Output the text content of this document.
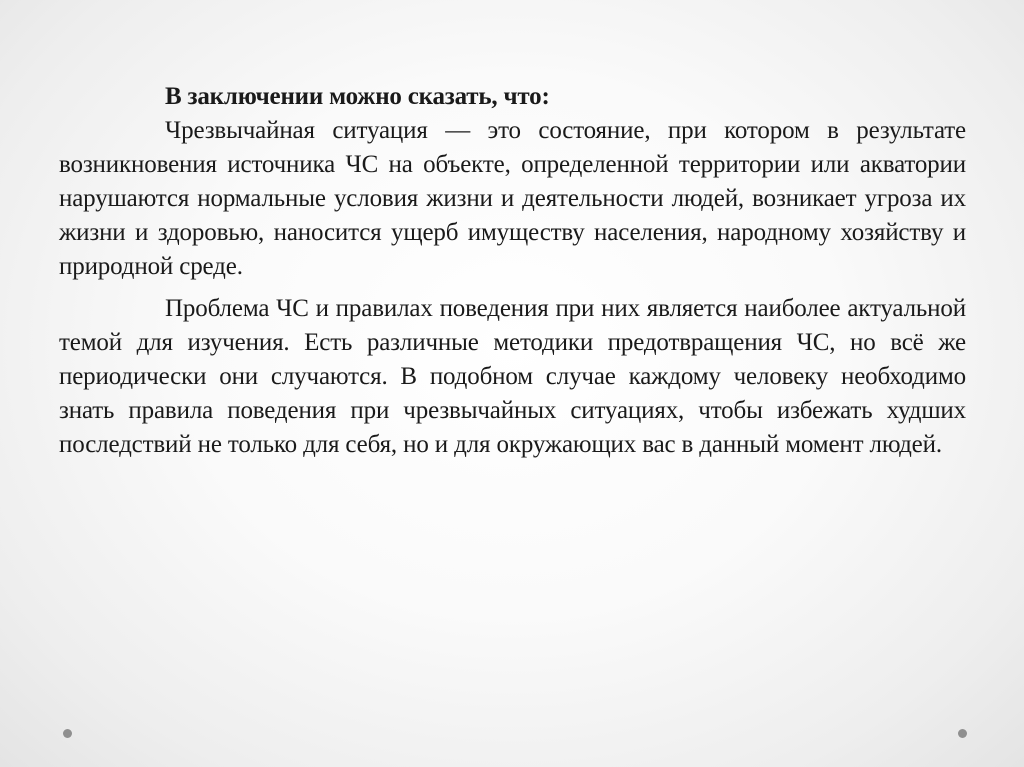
В заключении можно сказать, что:

Чрезвычайная ситуация — это состояние, при котором в результате возникновения источника ЧС на объекте, определенной территории или акватории нарушаются нормальные условия жизни и деятельности людей, возникает угроза их жизни и здоровью, наносится ущерб имуществу населения, народному хозяйству и природной среде.

Проблема ЧС и правилах поведения при них является наиболее актуальной темой для изучения. Есть различные методики предотвращения ЧС, но всё же периодически они случаются. В подобном случае каждому человеку необходимо знать правила поведения при чрезвычайных ситуациях, чтобы избежать худших последствий не только для себя, но и для окружающих вас в данный момент людей.
